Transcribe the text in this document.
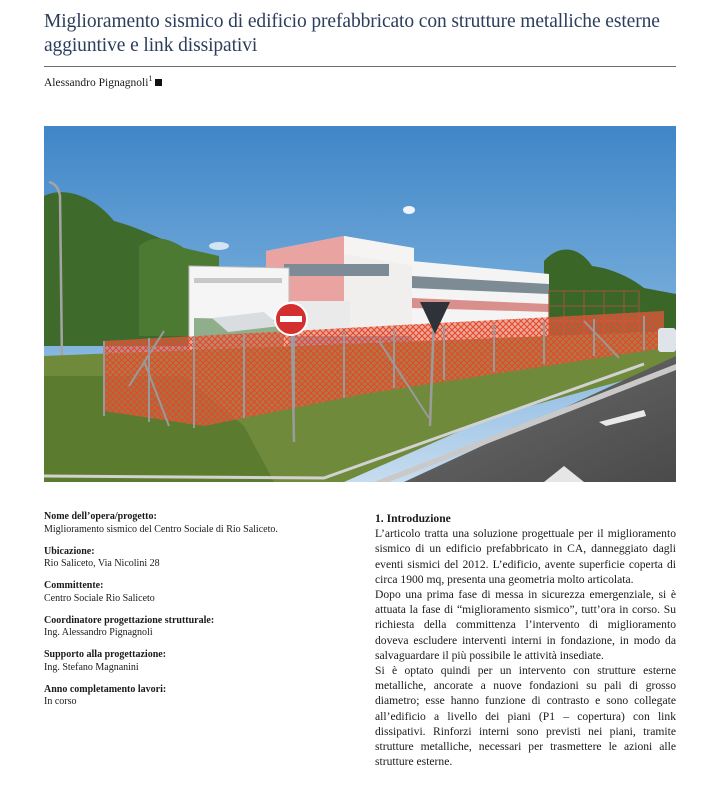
Miglioramento sismico di edificio prefabbricato con strutture metalliche esterne aggiuntive e link dissipativi
Alessandro Pignagnoli$^1$
Nome dell’opera/progetto:
Miglioramento sismico del Centro Sociale di Rio Saliceto.
Ubicazione:
Rio Saliceto, Via Nicolini 28
Committente:
Centro Sociale Rio Saliceto
Coordinatore progettazione strutturale:
Ing. Alessandro Pignagnoli
Supporto alla progettazione:
Ing. Stefano Magnanini
Anno completamento lavori:
In corso
1. Introduzione

L’articolo tratta una soluzione progettuale per il miglioramento sismico di un edificio prefabbricato in CA, danneggiato dagli eventi sismici del 2012. L’edificio, avente superficie coperta di circa 1900 mq, presenta una geometria molto articolata.

Dopo una prima fase di messa in sicurezza emergenziale, si è attuata la fase di “miglioramento sismico”, tutt’ora in corso. Su richiesta della committenza l’intervento di miglioramento doveva escludere interventi interni in fondazione, in modo da salvaguardare il più possibile le attività insediate.

Si è optato quindi per un intervento con strutture esterne metalliche, ancorate a nuove fondazioni su pali di grosso diametro; esse hanno funzione di contrasto e sono collegate all’edificio a livello dei piani (P1 – copertura) con link dissipativi. Rinforzi interni sono previsti nei piani, tramite strutture metalliche, necessari per trasmettere le azioni alle strutture esterne.
